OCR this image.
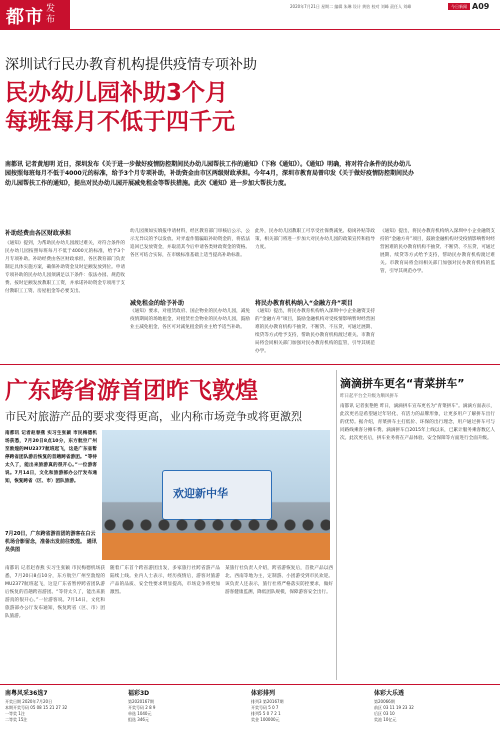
都市 发布
2020年7月21日 星期二 编辑 朱琳 设计 黄怡 校对 刘峰 责任人 刘峰	今日新闻 A09
深圳试行民办教育机构提供疫情专项补助
民办幼儿园补助3个月
每班每月不低于四千元
南都讯 记者黄旭明 近日，深圳发布《关于进一步做好疫情防控期间民办幼儿园帮扶工作的通知》（下称《通知》）。《通知》明确，将对符合条件的民办幼儿园按照每班每月不低于4000元的标准，给予3个月专项补助，补助资金由市区两级财政承担。今年4月，深圳市教育局曾印发《关于做好疫情防控期间民办幼儿园帮扶工作的通知》，提出对民办幼儿园开展减免租金等帮扶措施。此次《通知》进一步加大帮扶力度。
补助经费由各区财政承担
《通知》提到，为帮助民办幼儿园渡过难关，对符合条件的民办幼儿园按照每班每月不低于4000元的标准，给予3个月专项补助。补助经费由各区财政承担，各区教育部门负责制定具体实施方案，确保补助资金及时足额发放到位。申请专项补助的民办幼儿园须满足以下条件：依法办园、规范收费、按时足额发放教职工工资，并承诺补助资金专项用于支付教职工工资、房屋租金等必要支出。
幼儿园须如实填报申请材料，经区教育部门审核后公示，公示无异议的予以发放。对弄虚作假骗取补助资金的，将依法追回已发放资金，并取消其今后申请各类财政资金的资格。各区可结合实际，在市级标准基础上适当提高补助标准。
减免租金的给予补助
《通知》要求，对租赁政府、国企物业的民办幼儿园，减免疫情期间的场地租金，对租赁社会物业的民办幼儿园，鼓励业主减免租金，各区可对减免租金的业主给予适当补助。
此外，民办幼儿园教职工可享受社保费减免、稳岗补贴等政策，相关部门将进一步加大对民办幼儿园的政策宣传和指导力度。
将民办教育机构纳入“金融方舟”项目
《通知》提出，将民办教育机构纳入深圳中小企业融资支持的“金融方舟”项目，鼓励金融机构对受疫情影响暂时经营困难的民办教育机构不抽贷、不断贷、不压贷，可通过展期、续贷等方式给予支持，帮助民办教育机构渡过难关。市教育局将会同相关部门加强对民办教育机构的监管，引导其规范办学。
《通知》提出，将民办教育机构纳入深圳中小企业融资支持的“金融方舟”项目，鼓励金融机构对受疫情影响暂时经营困难的民办教育机构不抽贷、不断贷、不压贷，可通过展期、续贷等方式给予支持，帮助民办教育机构渡过难关。市教育局将会同相关部门加强对民办教育机构的监管，引导其规范办学。
广东跨省游首团昨飞敦煌
市民对旅游产品的要求变得更高，业内称市场竞争或将更激烈
南都讯 记者赵春燕 实习生张颖 市民梅德机场获悉，7月20日8点10分，东方航空广州至敦煌的MU2377航班起飞，这是广东省暂停跨省团队游后恢复的首趟跨省游团。“等待太久了，能出来旅游真的很开心。”一位游客说。7月14日，文化和旅游部办公厅发布通知，恢复跨省（区、市）团队旅游。
7月20日，广东跨省游首团的游客在白云机场合影留念，准备出发前往敦煌。 通讯员供图
欢迎新中华
南都讯 记者赵春燕 实习生张颖 市民梅德机场获悉，7月20日8点10分，东方航空广州至敦煌的MU2377航班起飞，这是广东省暂停跨省团队游后恢复的首趟跨省游团。“等待太久了，能出来旅游真的很开心。”一位游客说。7月14日，文化和旅游部办公厅发布通知，恢复跨省（区、市）团队旅游。
随着广东首个跨省游团出发，多家旅行社跨省游产品陆续上线。业内人士表示，经历疫情后，游客对旅游产品的品质、安全性要求明显提高，市场竞争将更加激烈。
某旅行社负责人介绍，跨省游恢复后，首批产品以西北、西南等地为主，定制游、小团游受到市民欢迎。该负责人还表示，旅行社将严格落实防控要求，做好游客健康监测，降低团队规模，保障游客安全出行。
滴滴拼车更名“青菜拼车”
昨日起平台全升级为顺风拼车
南都讯 记者张艳艳 昨日，滴滴拼车宣布更名为“青菜拼车”。滴滴方面表示，此次更名是希望通过年轻化、有活力的品牌形象，让更多用户了解拼车出行的优势。据介绍，青菜拼车主打低价、环保的出行理念，用户通过拼车可与同路线乘客分摊车费。滴滴拼车自2015年上线以来，已累计服务乘客数亿人次。此次更名后，拼车业务将在产品体验、安全保障等方面进行全面升级。
南粤风采36选7
开奖日期 2020年7月20日
本期开奖号码 05 08 15 21 27 32
一等奖 1注
二等奖 15注
福彩3D
第2020167期
开奖号码 2 8 9
单选 1040元
组选 346元
体彩排列
排列3 第20167期
开奖号码 5 0 7
排列5 5 0 7 2 1
奖金 100000元
体彩大乐透
第20066期
前区 03 11 19 23 32
后区 03 10
奖池 10亿元
